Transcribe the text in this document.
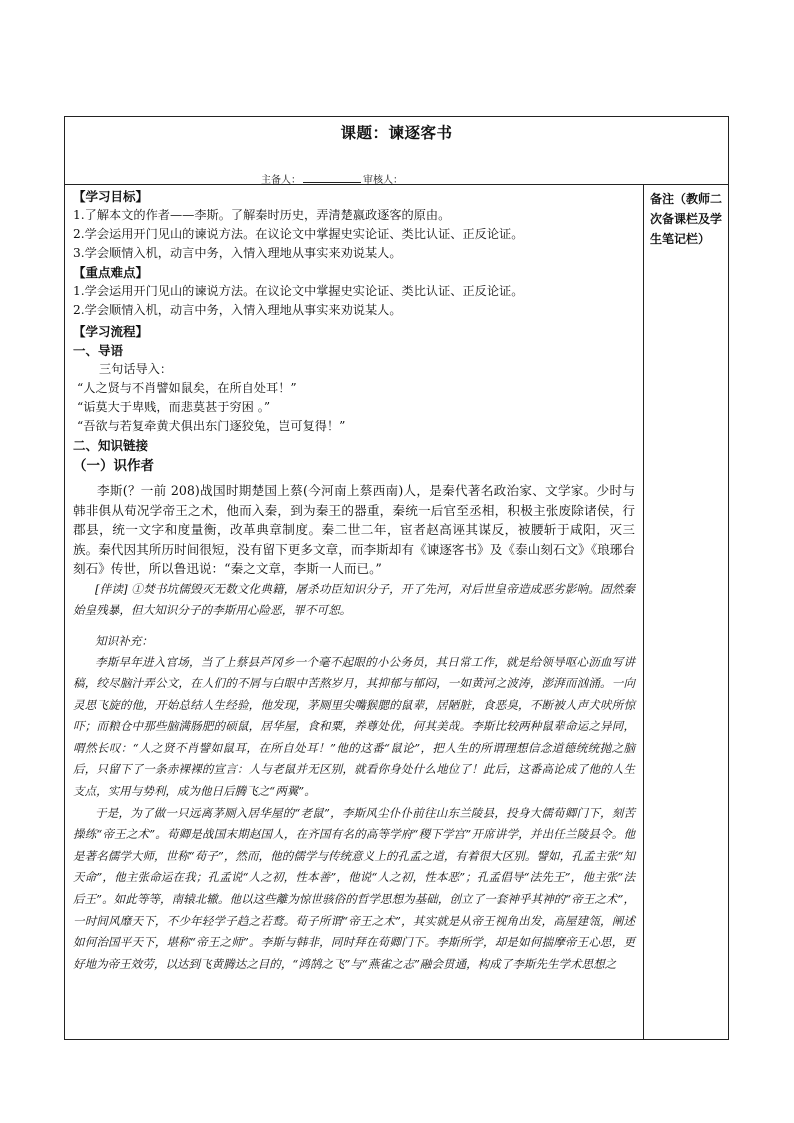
课题：谏逐客书
主备人：	审核人：

【学习目标】

1.了解本文的作者——李斯。了解秦时历史，弄清楚嬴政逐客的原由。

2.学会运用开门见山的谏说方法。在议论文中掌握史实论证、类比认证、正反论证。

3.学会顺情入机，动言中务，入情入理地从事实来劝说某人。

【重点难点】

1.学会运用开门见山的谏说方法。在议论文中掌握史实论证、类比认证、正反论证。

2.学会顺情入机，动言中务，入情入理地从事实来劝说某人。

【学习流程】

一、导语

三句话导入：

“人之贤与不肖譬如鼠矣，在所自处耳！”

“诟莫大于卑贱，而悲莫甚于穷困 。”

“吾欲与若复牵黄犬俱出东门逐狡兔，岂可复得！”

二、知识链接

（一）识作者

李斯(？一前 208)战国时期楚国上蔡(今河南上蔡西南)人，是秦代著名政治家、文学家。少时与韩非俱从荀况学帝王之术，他而入秦，到为秦王的器重，秦统一后官至丞相，积极主张废除诸侯，行郡县，统一文字和度量衡，改革典章制度。秦二世二年，宦者赵高诬其谋反，被腰斩于咸阳，灭三族。秦代因其所历时间很短，没有留下更多文章，而李斯却有《谏逐客书》及《泰山刻石文》《琅琊台刻石》传世，所以鲁迅说：“秦之文章，李斯一人而已。”

[伴读] ①焚书坑儒毁灭无数文化典籍，屠杀功臣知识分子，开了先河，对后世皇帝造成恶劣影响。固然秦始皇残暴，但大知识分子的李斯用心险恶，罪不可恕。

知识补充：

李斯早年进入官场，当了上蔡县芦冈乡一个毫不起眼的小公务员，其日常工作，就是给领导呕心沥血写讲稿，绞尽脑汁弄公文，在人们的不屑与白眼中苦熬岁月，其抑郁与郁闷，一如黄河之波涛，澎湃而汹涌。一向灵思飞旋的他，开始总结人生经验，他发现，茅厕里尖嘴猴腮的鼠辈，居陋脏，食恶臭，不断被人声犬吠所惊吓；而粮仓中那些脑满肠肥的硕鼠，居华屋，食和粟，养尊处优，何其美哉。李斯比较两种鼠辈命运之异同，喟然长叹：“人之贤不肖譬如鼠耳，在所自处耳！”他的这番“鼠论”，把人生的所谓理想信念道德统统抛之脑后，只留下了一条赤裸裸的宣言：人与老鼠并无区别，就看你身处什么地位了！此后，这番高论成了他的人生支点，实用与势利，成为他日后腾飞之“两翼”。

于是，为了做一只远离茅厕入居华屋的“老鼠”，李斯风尘仆仆前往山东兰陵县，投身大儒荀卿门下，刻苦操练“帝王之术”。荀卿是战国末期赵国人，在齐国有名的高等学府“稷下学宫”开席讲学，并出任兰陵县令。他是著名儒学大师，世称“荀子”，然而，他的儒学与传统意义上的孔孟之道，有着很大区别。譬如，孔孟主张“知天命”，他主张命运在我；孔孟说“人之初，性本善”，他说“人之初，性本恶”；孔孟倡导“法先王”，他主张“法后王”。如此等等，南辕北辙。他以这些離为惊世骇俗的哲学思想为基础，创立了一套神乎其神的“帝王之术”，一时间风靡天下，不少年轻学子趋之若鹜。荀子所谓“帝王之术”，其实就是从帝王视角出发，高屋建瓴，阐述如何治国平天下，堪称“帝王之师”。李斯与韩非，同时拜在荀卿门下。李斯所学，却是如何揣摩帝王心思，更好地为帝王效劳，以达到飞黄腾达之目的，“鸿鹄之飞”与“燕雀之志”融会贯通，构成了李斯先生学术思想之

备注（教师二次备课栏及学生笔记栏）
